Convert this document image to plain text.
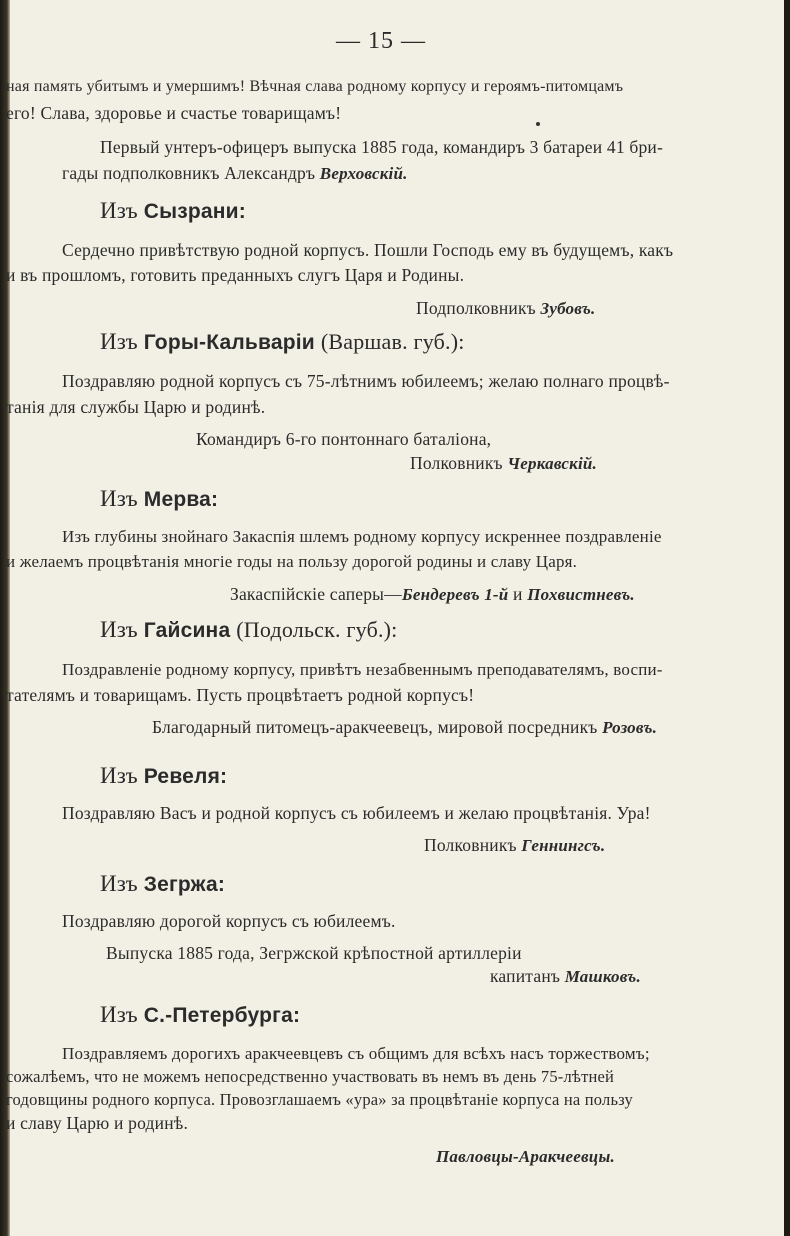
— 15 —
ная память убитымъ и умершимъ! Вѣчная слава родному корпусу и героямъ-питомцамъ
его! Слава, здоровье и счастье товарищамъ!
Первый унтеръ-офицеръ выпуска 1885 года, командиръ 3 батареи 41 бри-
гады подполковникъ Александръ Верховскій.
Изъ Сызрани:
Сердечно привѣтствую родной корпусъ. Пошли Господь ему въ будущемъ, какъ
и въ прошломъ, готовить преданныхъ слугъ Царя и Родины.
Подполковникъ Зубовъ.
Изъ Горы-Кальваріи (Варшав. губ.):
Поздравляю родной корпусъ съ 75-лѣтнимъ юбилеемъ; желаю полнаго процвѣ-
танія для службы Царю и родинѣ.
Командиръ 6-го понтоннаго баталіона,
Полковникъ Черкавскій.
Изъ Мерва:
Изъ глубины знойнаго Закаспія шлемъ родному корпусу искреннее поздравленіе
и желаемъ процвѣтанія многіе годы на пользу дорогой родины и славу Царя.
Закаспійскіе саперы—Бендеревъ 1-й и Похвистневъ.
Изъ Гайсина (Подольск. губ.):
Поздравленіе родному корпусу, привѣтъ незабвеннымъ преподавателямъ, воспи-
тателямъ и товарищамъ. Пусть процвѣтаетъ родной корпусъ!
Благодарный питомецъ-аракчеевецъ, мировой посредникъ Розовъ.
Изъ Ревеля:
Поздравляю Васъ и родной корпусъ съ юбилеемъ и желаю процвѣтанія. Ура!
Полковникъ Геннингсъ.
Изъ Зегржа:
Поздравляю дорогой корпусъ съ юбилеемъ.
Выпуска 1885 года, Зегржской крѣпостной артиллеріи
капитанъ Машковъ.
Изъ С.-Петербурга:
Поздравляемъ дорогихъ аракчеевцевъ съ общимъ для всѣхъ насъ торжествомъ;
сожалѣемъ, что не можемъ непосредственно участвовать въ немъ въ день 75-лѣтней
годовщины родного корпуса. Провозглашаемъ «ура» за процвѣтаніе корпуса на пользу
и славу Царю и родинѣ.
Павловцы-Аракчеевцы.
